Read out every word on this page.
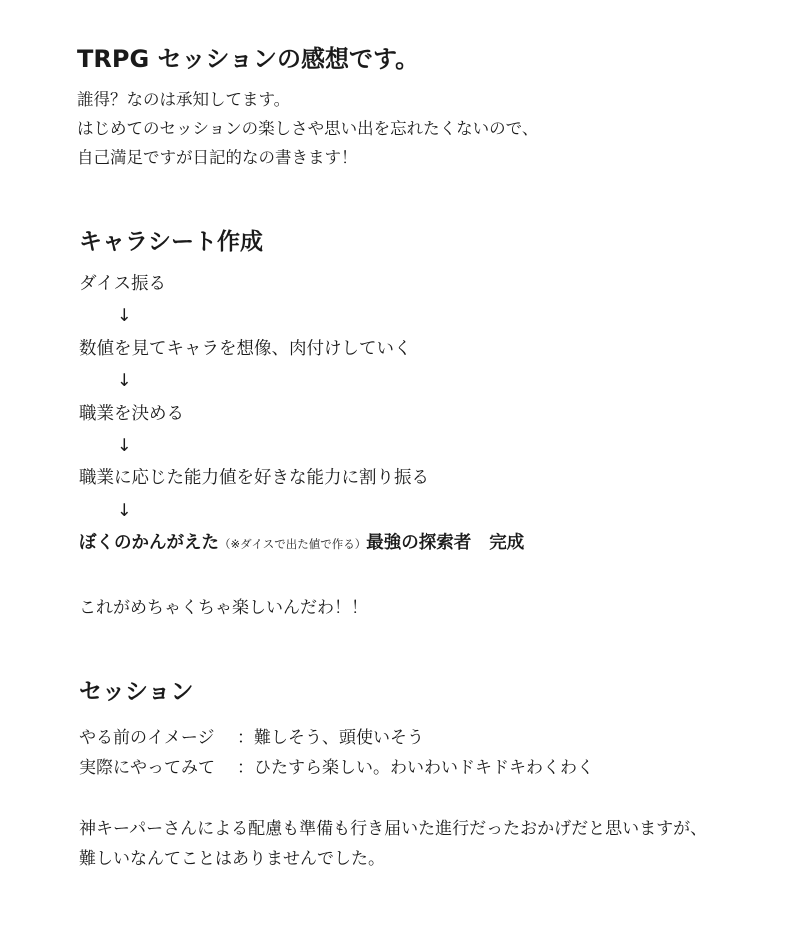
TRPG セッションの感想です。
誰得？なのは承知してます。
はじめてのセッションの楽しさや思い出を忘れたくないので、
自己満足ですが日記的なの書きます！
キャラシート作成
ダイス振る
↓
数値を見てキャラを想像、肉付けしていく
↓
職業を決める
↓
職業に応じた能力値を好きな能力に割り振る
↓
ぼくのかんがえた（※ダイスで出た値で作る）最強の探索者 完成
これがめちゃくちゃ楽しいんだわ！！
セッション
やる前のイメージ ：難しそう、頭使いそう
実際にやってみて ：ひたすら楽しい。わいわいドキドキわくわく
神キーパーさんによる配慮も準備も行き届いた進行だったおかげだと思いますが、
難しいなんてことはありませんでした。
